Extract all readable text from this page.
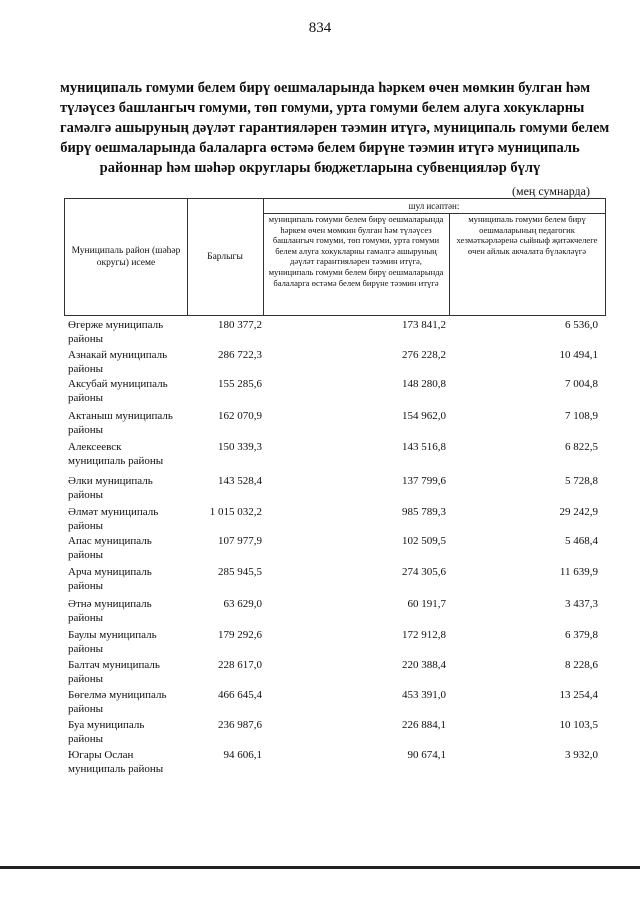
834
муниципаль гомуми белем бирү оешмаларында һәркем өчен мөмкин булган һәм
түләүсез башлангыч гомуми, төп гомуми, урта гомуми белем алуга хокукларны
гамәлгә ашыруның дәүләт гарантияләрен тәэмин итүгә, муниципаль гомуми белем
бирү оешмаларында балаларга өстәмә белем бирүне тәэмин итүгә муниципаль
районнар һәм шәһәр округлары бюджетларына субвенцияләр бүлү
(мең сумнарда)
Муниципаль район (шәһәр округы) исеме
Барлыгы
шул исәптән:
муниципаль гомуми белем бирү оешмаларында һәркем өчен мөмкин булган һәм түләүсез башлангыч гомуми, төп гомуми, урта гомуми белем алуга хокукларны гамәлгә ашыруның дәүләт гарантияләрен тәэмин итүгә, муниципаль гомуми белем бирү оешмаларында балаларга өстәмә белем бирүне тәэмин итүгә
муниципаль гомуми белем бирү оешмаларының педагогик хезмәткәрләренә сыйныф җитәкчелеге өчен айлык акчалата бүләкләүгә
Өгерже муниципаль
районы
180 377,2	173 841,2	6 536,0
Азнакай муниципаль
районы
286 722,3	276 228,2	10 494,1
Аксубай муниципаль
районы
155 285,6	148 280,8	7 004,8
Актаныш муниципаль
районы
162 070,9	154 962,0	7 108,9
Алексеевск
муниципаль районы
150 339,3	143 516,8	6 822,5
Әлки муниципаль
районы
143 528,4	137 799,6	5 728,8
Әлмәт муниципаль
районы
1 015 032,2	985 789,3	29 242,9
Апас муниципаль
районы
107 977,9	102 509,5	5 468,4
Арча муниципаль
районы
285 945,5	274 305,6	11 639,9
Әтнә муниципаль
районы
63 629,0	60 191,7	3 437,3
Баулы муниципаль
районы
179 292,6	172 912,8	6 379,8
Балтач муниципаль
районы
228 617,0	220 388,4	8 228,6
Бөгелмә муниципаль
районы
466 645,4	453 391,0	13 254,4
Буа муниципаль
районы
236 987,6	226 884,1	10 103,5
Югары Ослан
муниципаль районы
94 606,1	90 674,1	3 932,0
